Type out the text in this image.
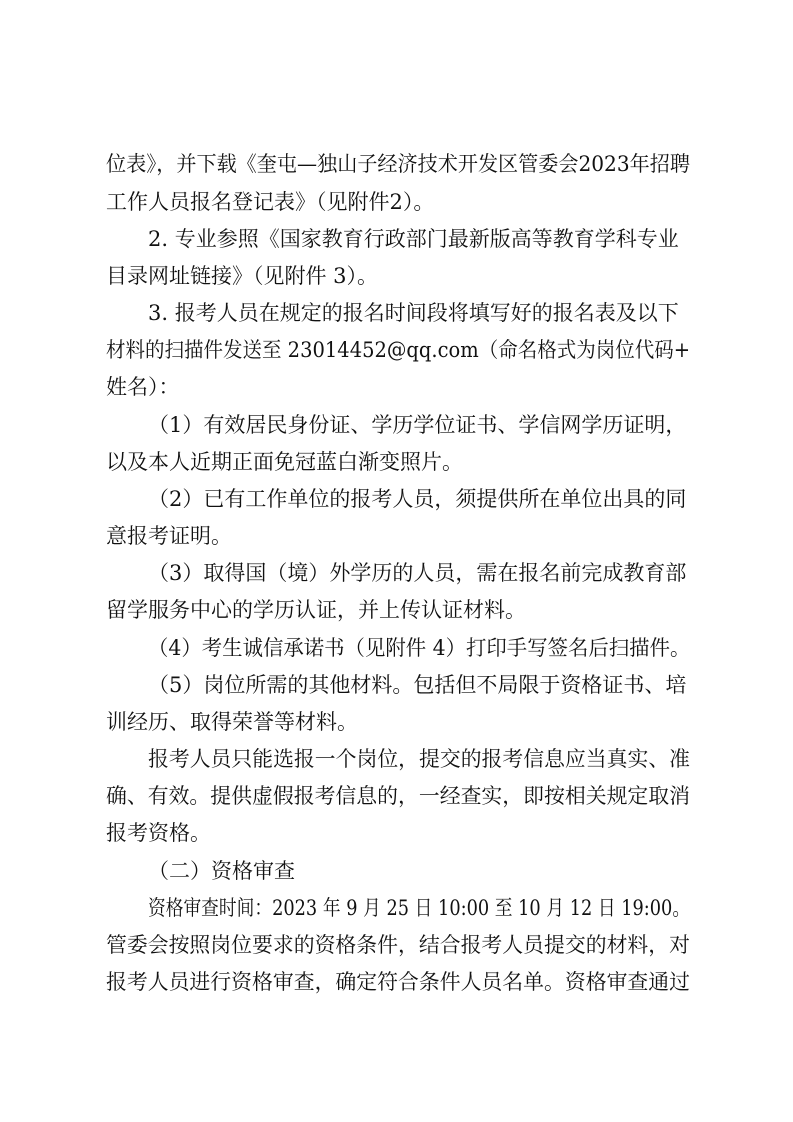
位表》，并下载《奎屯—独山子经济技术开发区管委会2023年招聘
工作人员报名登记表》（见附件2）。
2. 专业参照《国家教育行政部门最新版高等教育学科专业
目录网址链接》（见附件 3）。
3. 报考人员在规定的报名时间段将填写好的报名表及以下
材料的扫描件发送至 23014452@qq.com（命名格式为岗位代码+
姓名）：
（1）有效居民身份证、学历学位证书、学信网学历证明，
以及本人近期正面免冠蓝白渐变照片。
（2）已有工作单位的报考人员，须提供所在单位出具的同
意报考证明。
（3）取得国（境）外学历的人员，需在报名前完成教育部
留学服务中心的学历认证，并上传认证材料。
（4）考生诚信承诺书（见附件 4）打印手写签名后扫描件。
（5）岗位所需的其他材料。包括但不局限于资格证书、培
训经历、取得荣誉等材料。
报考人员只能选报一个岗位，提交的报考信息应当真实、准
确、有效。提供虚假报考信息的，一经查实，即按相关规定取消
报考资格。
（二）资格审查
资格审查时间：2023 年 9 月 25 日 10:00 至 10 月 12 日 19:00。
管委会按照岗位要求的资格条件，结合报考人员提交的材料，对
报考人员进行资格审查，确定符合条件人员名单。资格审查通过
